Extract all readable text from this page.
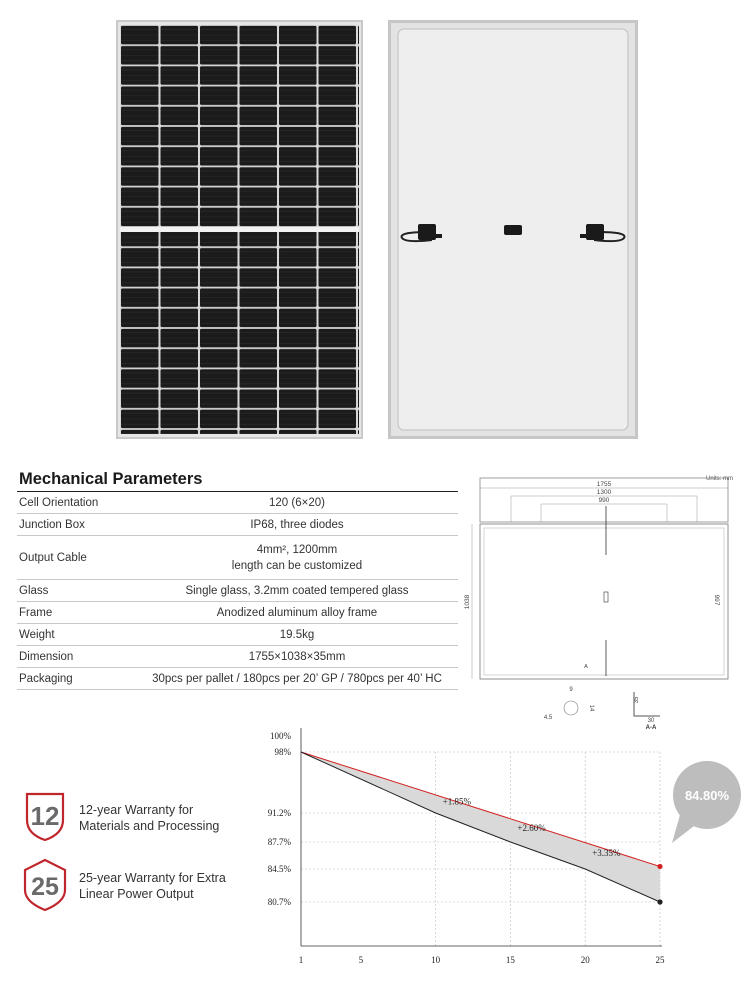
Mechanical Parameters
Cell Orientation	120 (6×20)
Junction Box	IP68, three diodes
Output Cable	4mm², 1200mm
length can be customized

Glass	Single glass, 3.2mm coated tempered glass
Frame	Anodized aluminum alloy frame
Weight	19.5kg
Dimension	1755×1038×35mm
Packaging	30pcs per pallet / 180pcs per 20’ GP / 780pcs per 40’ HC
Units: mm
1755
1300
990
1038	997
A
9
14
4.5
35
30
A-A
12 12-year Warranty for
Materials and Processing
25 25-year Warranty for Extra
Linear Power Output
100%
98%
91.2%
87.7%
84.5%
80.7%
1	5	10	15	20	25
+1.85%
+2.60%
+3.35%
84.80%
